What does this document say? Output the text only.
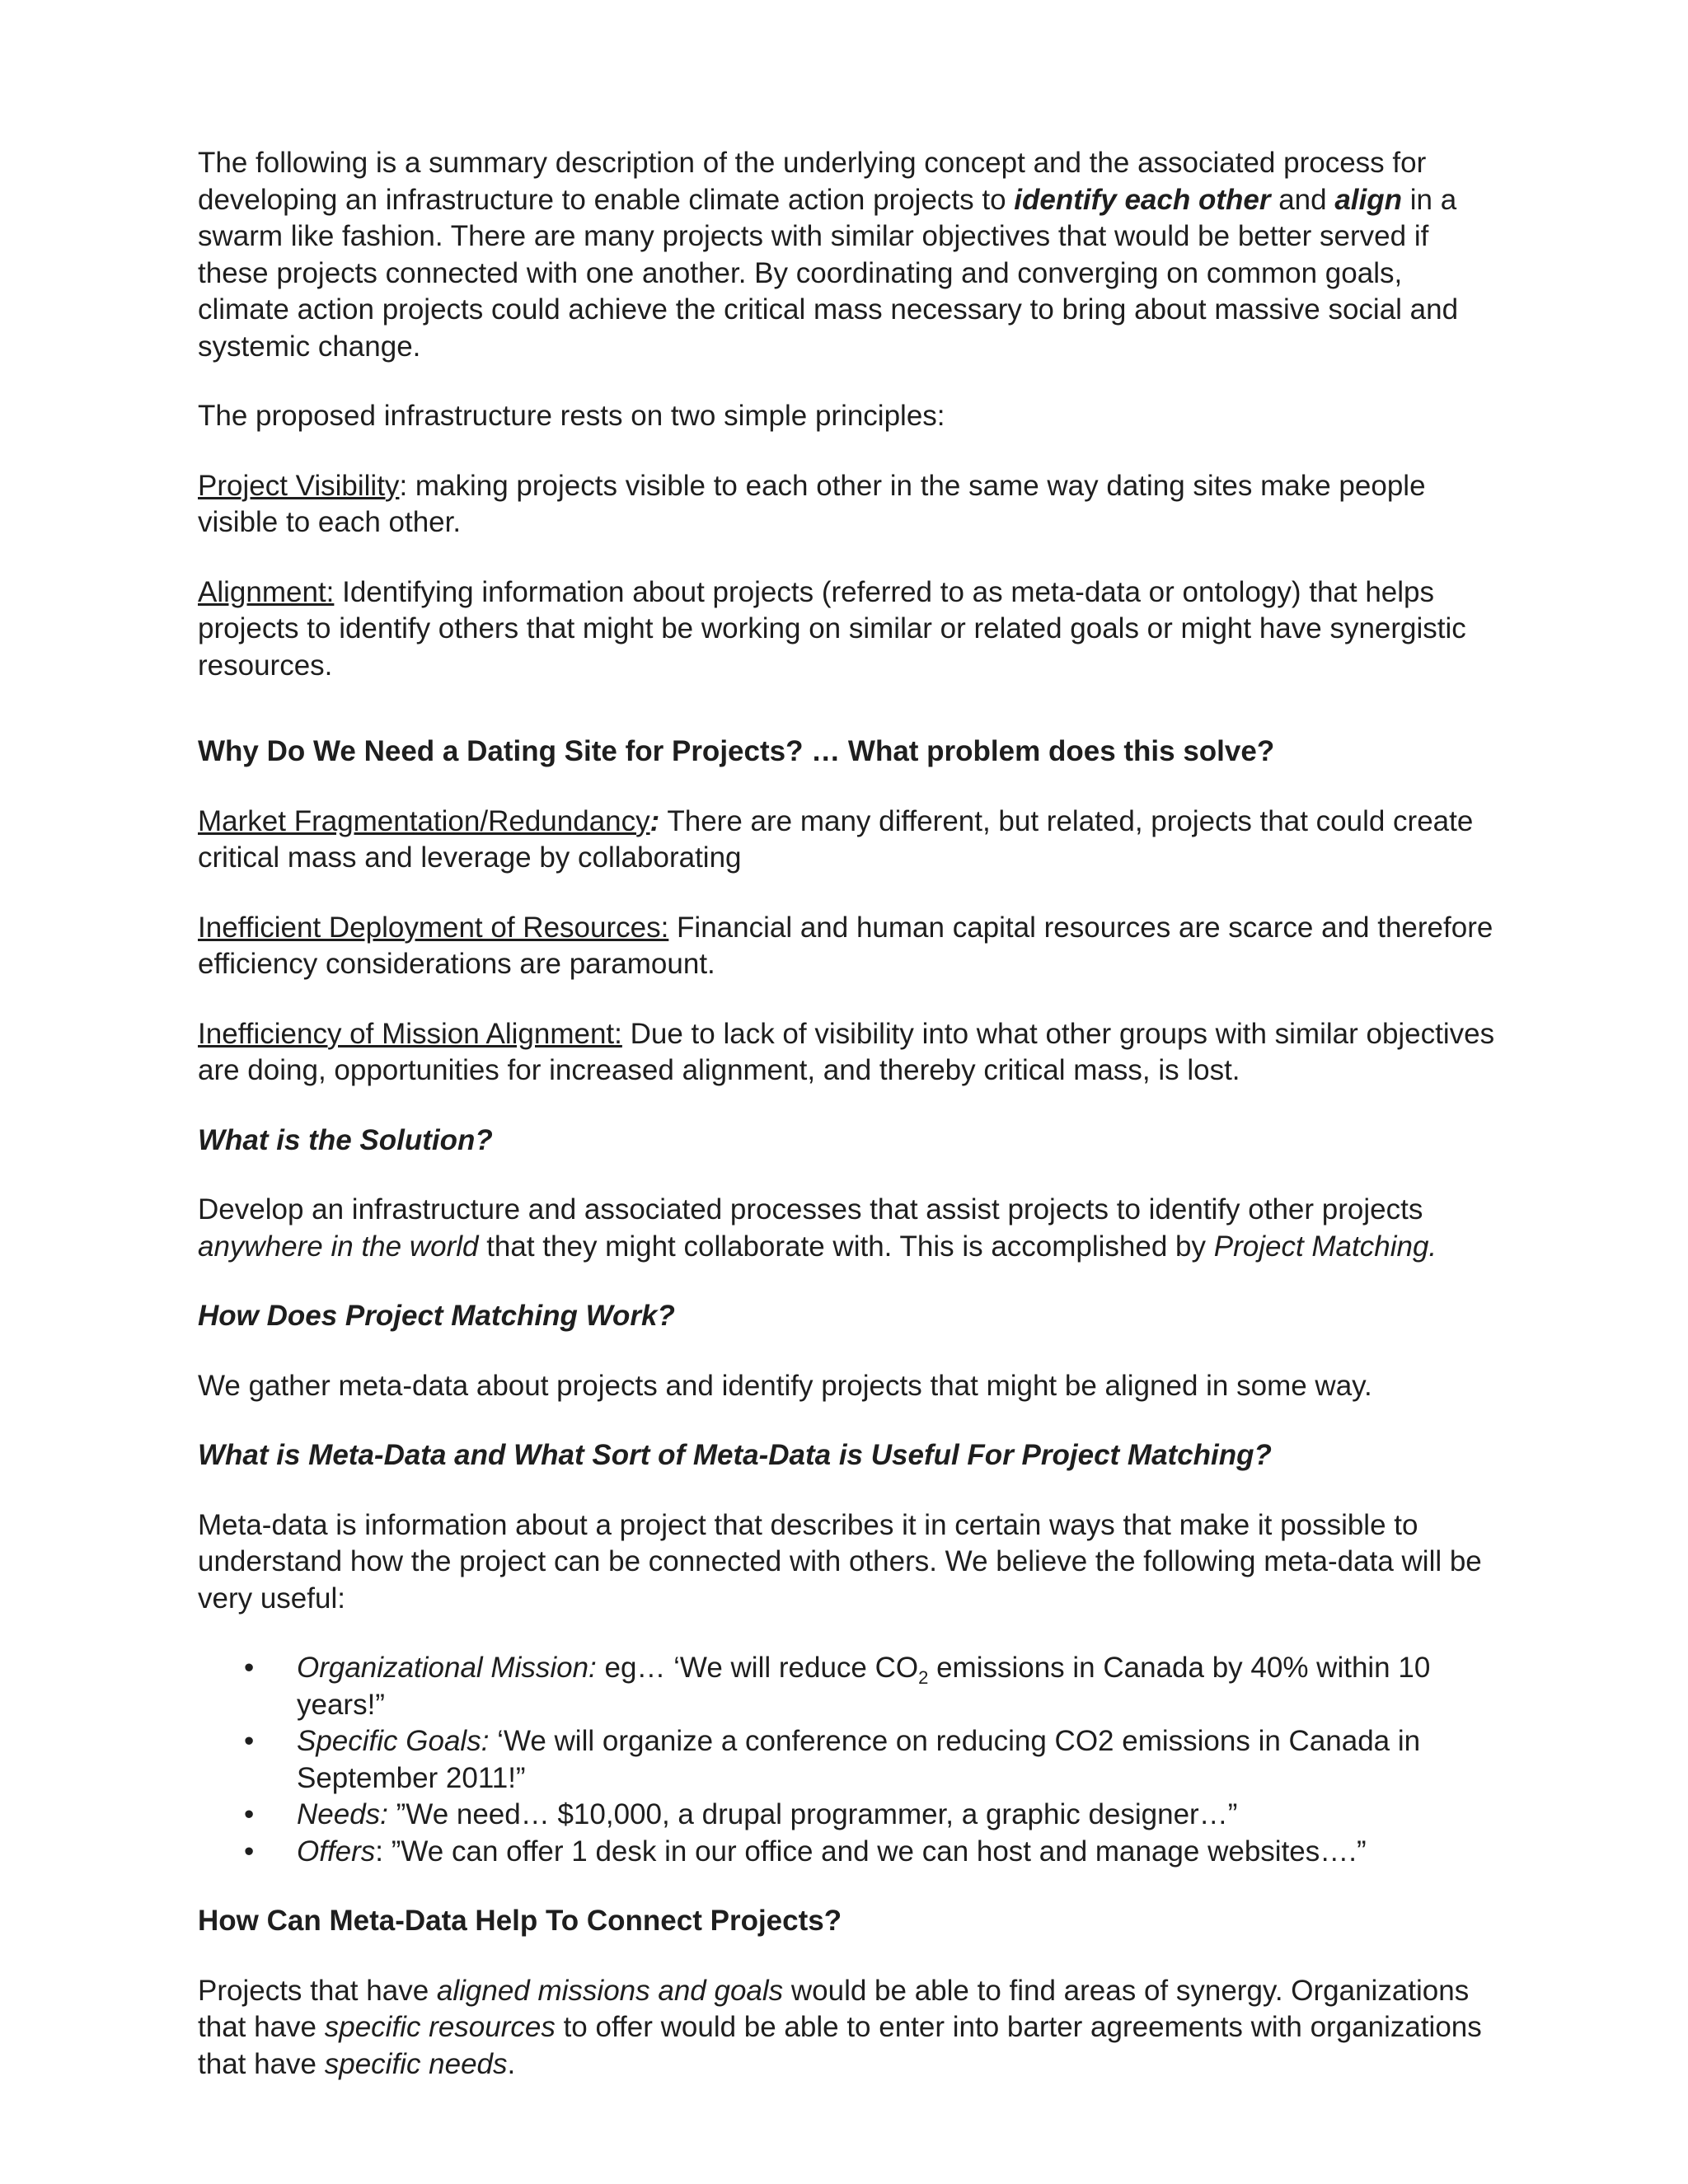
The following is a summary description of the underlying concept and the associated process for developing an infrastructure to enable climate action projects to identify each other and align in a swarm like fashion. There are many projects with similar objectives that would be better served if these projects connected with one another. By coordinating and converging on common goals, climate action projects could achieve the critical mass necessary to bring about massive social and systemic change.

The proposed infrastructure rests on two simple principles:

Project Visibility: making projects visible to each other in the same way dating sites make people visible to each other.

Alignment: Identifying information about projects (referred to as meta-data or ontology) that helps projects to identify others that might be working on similar or related goals or might have synergistic resources.

Why Do We Need a Dating Site for Projects? … What problem does this solve?

Market Fragmentation/Redundancy: There are many different, but related, projects that could create critical mass and leverage by collaborating

Inefficient Deployment of Resources: Financial and human capital resources are scarce and therefore efficiency considerations are paramount.

Inefficiency of Mission Alignment: Due to lack of visibility into what other groups with similar objectives are doing, opportunities for increased alignment, and thereby critical mass, is lost.

What is the Solution?

Develop an infrastructure and associated processes that assist projects to identify other projects anywhere in the world that they might collaborate with. This is accomplished by Project Matching.

How Does Project Matching Work?

We gather meta-data about projects and identify projects that might be aligned in some way.

What is Meta-Data and What Sort of Meta-Data is Useful For Project Matching?

Meta-data is information about a project that describes it in certain ways that make it possible to understand how the project can be connected with others. We believe the following meta-data will be very useful:

• Organizational Mission: eg… ‘We will reduce $CO_2$ emissions in Canada by 40% within 10 years!”
• Specific Goals: ‘We will organize a conference on reducing CO2 emissions in Canada in September 2011!”
• Needs: ”We need… $10,000, a drupal programmer, a graphic designer…”
• Offers: ”We can offer 1 desk in our office and we can host and manage websites….”

How Can Meta-Data Help To Connect Projects?

Projects that have aligned missions and goals would be able to find areas of synergy. Organizations that have specific resources to offer would be able to enter into barter agreements with organizations that have specific needs.
